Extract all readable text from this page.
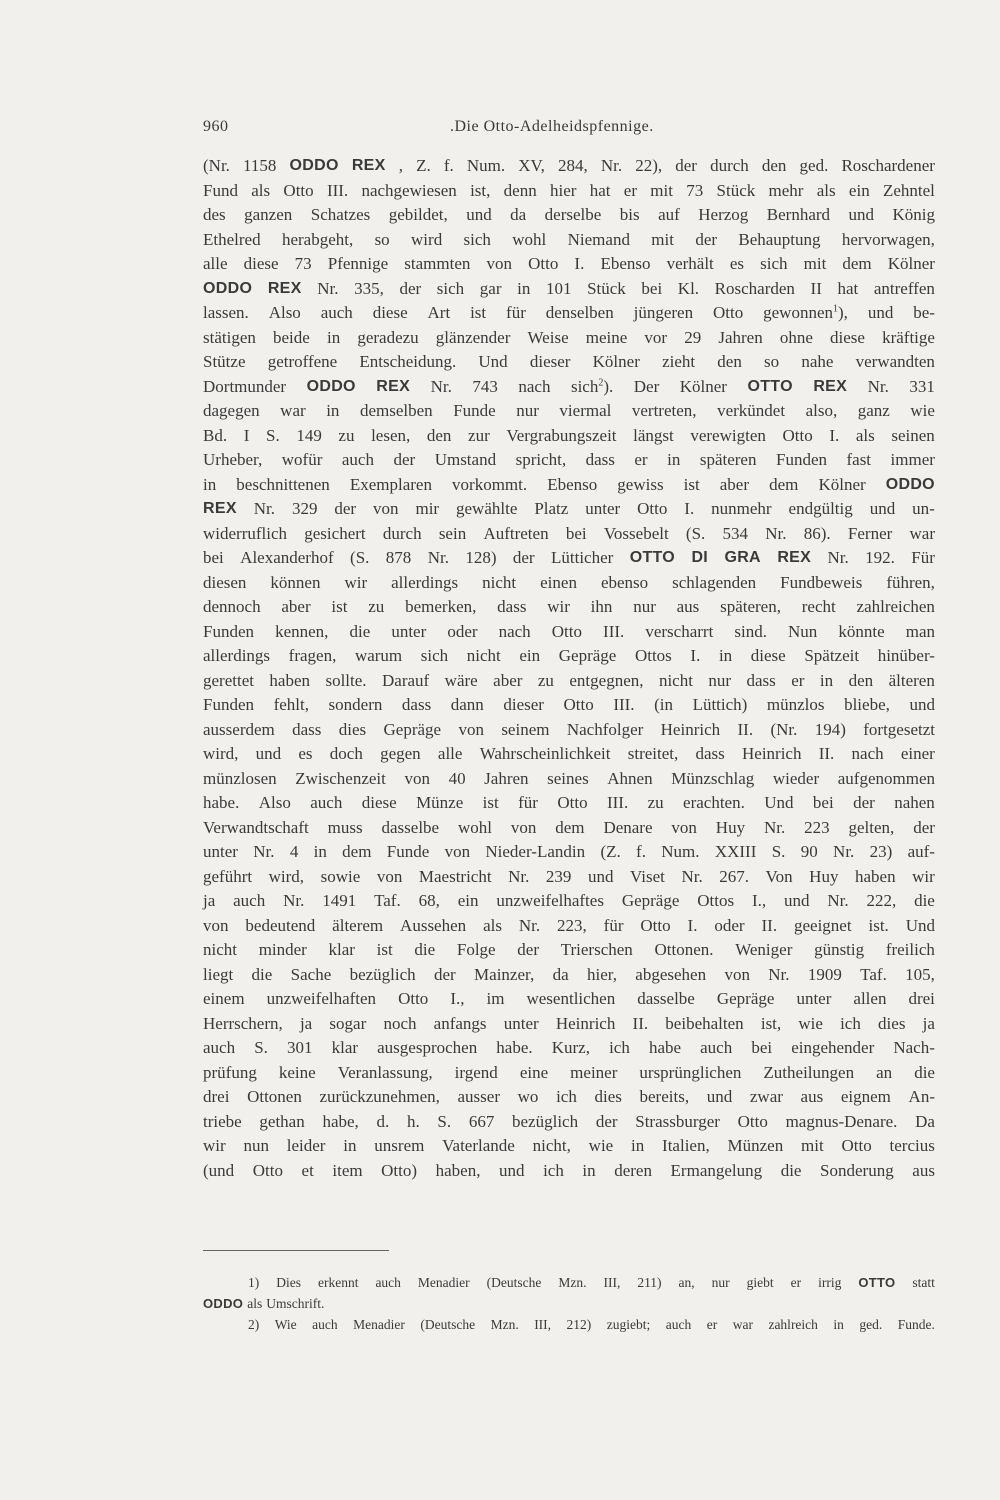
960	.Die Otto-Adelheidspfennige.
(Nr. 1158 ODDO REX , Z. f. Num. XV, 284, Nr. 22), der durch den ged. Roschardener
Fund als Otto III. nachgewiesen ist, denn hier hat er mit 73 Stück mehr als ein Zehntel
des ganzen Schatzes gebildet, und da derselbe bis auf Herzog Bernhard und König
Ethelred herabgeht, so wird sich wohl Niemand mit der Behauptung hervorwagen,
alle diese 73 Pfennige stammten von Otto I. Ebenso verhält es sich mit dem Kölner
ODDO REX Nr. 335, der sich gar in 101 Stück bei Kl. Roscharden II hat antreffen
lassen. Also auch diese Art ist für denselben jüngeren Otto gewonnen$^1$), und be-
stätigen beide in geradezu glänzender Weise meine vor 29 Jahren ohne diese kräftige
Stütze getroffene Entscheidung. Und dieser Kölner zieht den so nahe verwandten
Dortmunder ODDO REX Nr. 743 nach sich$^2$). Der Kölner OTTO REX Nr. 331
dagegen war in demselben Funde nur viermal vertreten, verkündet also, ganz wie
Bd. I S. 149 zu lesen, den zur Vergrabungszeit längst verewigten Otto I. als seinen
Urheber, wofür auch der Umstand spricht, dass er in späteren Funden fast immer
in beschnittenen Exemplaren vorkommt. Ebenso gewiss ist aber dem Kölner ODDO
REX Nr. 329 der von mir gewählte Platz unter Otto I. nunmehr endgültig und un-
widerruflich gesichert durch sein Auftreten bei Vossebelt (S. 534 Nr. 86). Ferner war
bei Alexanderhof (S. 878 Nr. 128) der Lütticher OTTO DI GRA REX Nr. 192. Für
diesen können wir allerdings nicht einen ebenso schlagenden Fundbeweis führen,
dennoch aber ist zu bemerken, dass wir ihn nur aus späteren, recht zahlreichen
Funden kennen, die unter oder nach Otto III. verscharrt sind. Nun könnte man
allerdings fragen, warum sich nicht ein Gepräge Ottos I. in diese Spätzeit hinüber-
gerettet haben sollte. Darauf wäre aber zu entgegnen, nicht nur dass er in den älteren
Funden fehlt, sondern dass dann dieser Otto III. (in Lüttich) münzlos bliebe, und
ausserdem dass dies Gepräge von seinem Nachfolger Heinrich II. (Nr. 194) fortgesetzt
wird, und es doch gegen alle Wahrscheinlichkeit streitet, dass Heinrich II. nach einer
münzlosen Zwischenzeit von 40 Jahren seines Ahnen Münzschlag wieder aufgenommen
habe. Also auch diese Münze ist für Otto III. zu erachten. Und bei der nahen
Verwandtschaft muss dasselbe wohl von dem Denare von Huy Nr. 223 gelten, der
unter Nr. 4 in dem Funde von Nieder-Landin (Z. f. Num. XXIII S. 90 Nr. 23) auf-
geführt wird, sowie von Maestricht Nr. 239 und Viset Nr. 267. Von Huy haben wir
ja auch Nr. 1491 Taf. 68, ein unzweifelhaftes Gepräge Ottos I., und Nr. 222, die
von bedeutend älterem Aussehen als Nr. 223, für Otto I. oder II. geeignet ist. Und
nicht minder klar ist die Folge der Trierschen Ottonen. Weniger günstig freilich
liegt die Sache bezüglich der Mainzer, da hier, abgesehen von Nr. 1909 Taf. 105,
einem unzweifelhaften Otto I., im wesentlichen dasselbe Gepräge unter allen drei
Herrschern, ja sogar noch anfangs unter Heinrich II. beibehalten ist, wie ich dies ja
auch S. 301 klar ausgesprochen habe. Kurz, ich habe auch bei eingehender Nach-
prüfung keine Veranlassung, irgend eine meiner ursprünglichen Zutheilungen an die
drei Ottonen zurückzunehmen, ausser wo ich dies bereits, und zwar aus eignem An-
triebe gethan habe, d. h. S. 667 bezüglich der Strassburger Otto magnus-Denare. Da
wir nun leider in unsrem Vaterlande nicht, wie in Italien, Münzen mit Otto tercius
(und Otto et item Otto) haben, und ich in deren Ermangelung die Sonderung aus
1) Dies erkennt auch Menadier (Deutsche Mzn. III, 211) an, nur giebt er irrig OTTO statt
ODDO als Umschrift.
2) Wie auch Menadier (Deutsche Mzn. III, 212) zugiebt; auch er war zahlreich in ged. Funde.
